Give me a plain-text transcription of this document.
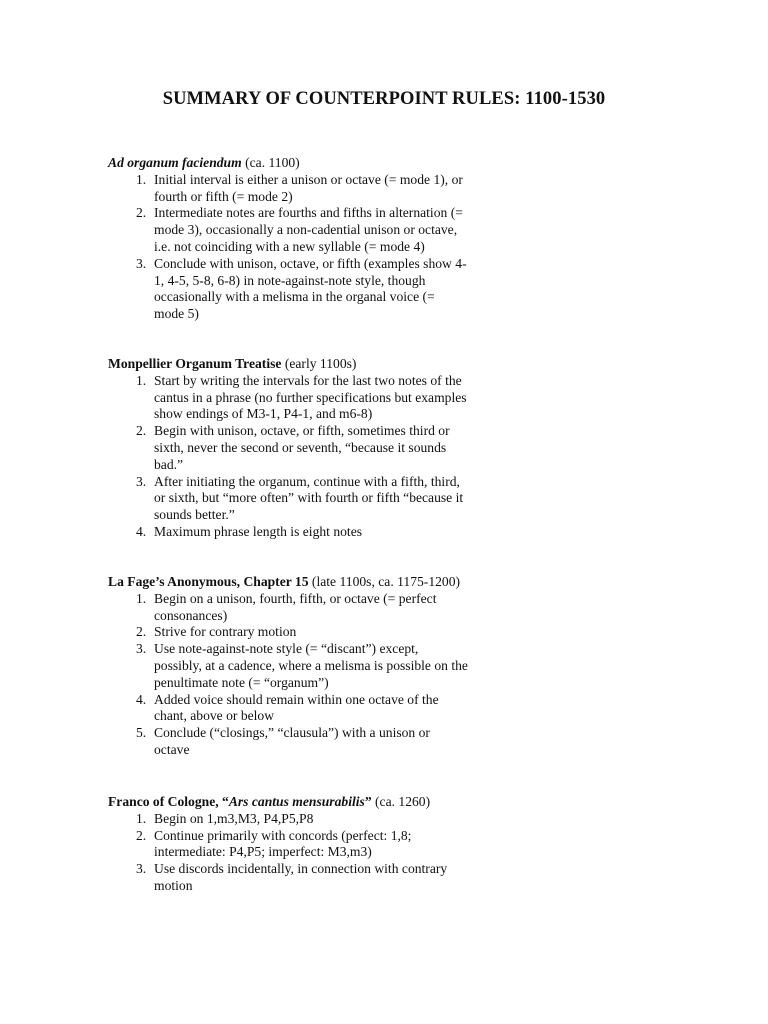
SUMMARY OF COUNTERPOINT RULES: 1100-1530

Ad organum faciendum (ca. 1100)

1. Initial interval is either a unison or octave (= mode 1), or fourth or fifth (= mode 2)
2. Intermediate notes are fourths and fifths in alternation (= mode 3), occasionally a non-cadential unison or octave, i.e. not coinciding with a new syllable (= mode 4)
3. Conclude with unison, octave, or fifth (examples show 4-1, 4-5, 5-8, 6-8) in note-against-note style, though occasionally with a melisma in the organal voice (= mode 5)

Monpellier Organum Treatise (early 1100s)

1. Start by writing the intervals for the last two notes of the cantus in a phrase (no further specifications but examples show endings of M3-1, P4-1, and m6-8)
2. Begin with unison, octave, or fifth, sometimes third or sixth, never the second or seventh, “because it sounds bad.”
3. After initiating the organum, continue with a fifth, third, or sixth, but “more often” with fourth or fifth “because it sounds better.”
4. Maximum phrase length is eight notes

La Fage’s Anonymous, Chapter 15 (late 1100s, ca. 1175-1200)

1. Begin on a unison, fourth, fifth, or octave (= perfect consonances)
2. Strive for contrary motion
3. Use note-against-note style (= “discant”) except, possibly, at a cadence, where a melisma is possible on the penultimate note (= “organum”)
4. Added voice should remain within one octave of the chant, above or below
5. Conclude (“closings,” “clausula”) with a unison or octave

Franco of Cologne, “Ars cantus mensurabilis” (ca. 1260)

1. Begin on 1,m3,M3, P4,P5,P8
2. Continue primarily with concords (perfect: 1,8; intermediate: P4,P5; imperfect: M3,m3)
3. Use discords incidentally, in connection with contrary motion
